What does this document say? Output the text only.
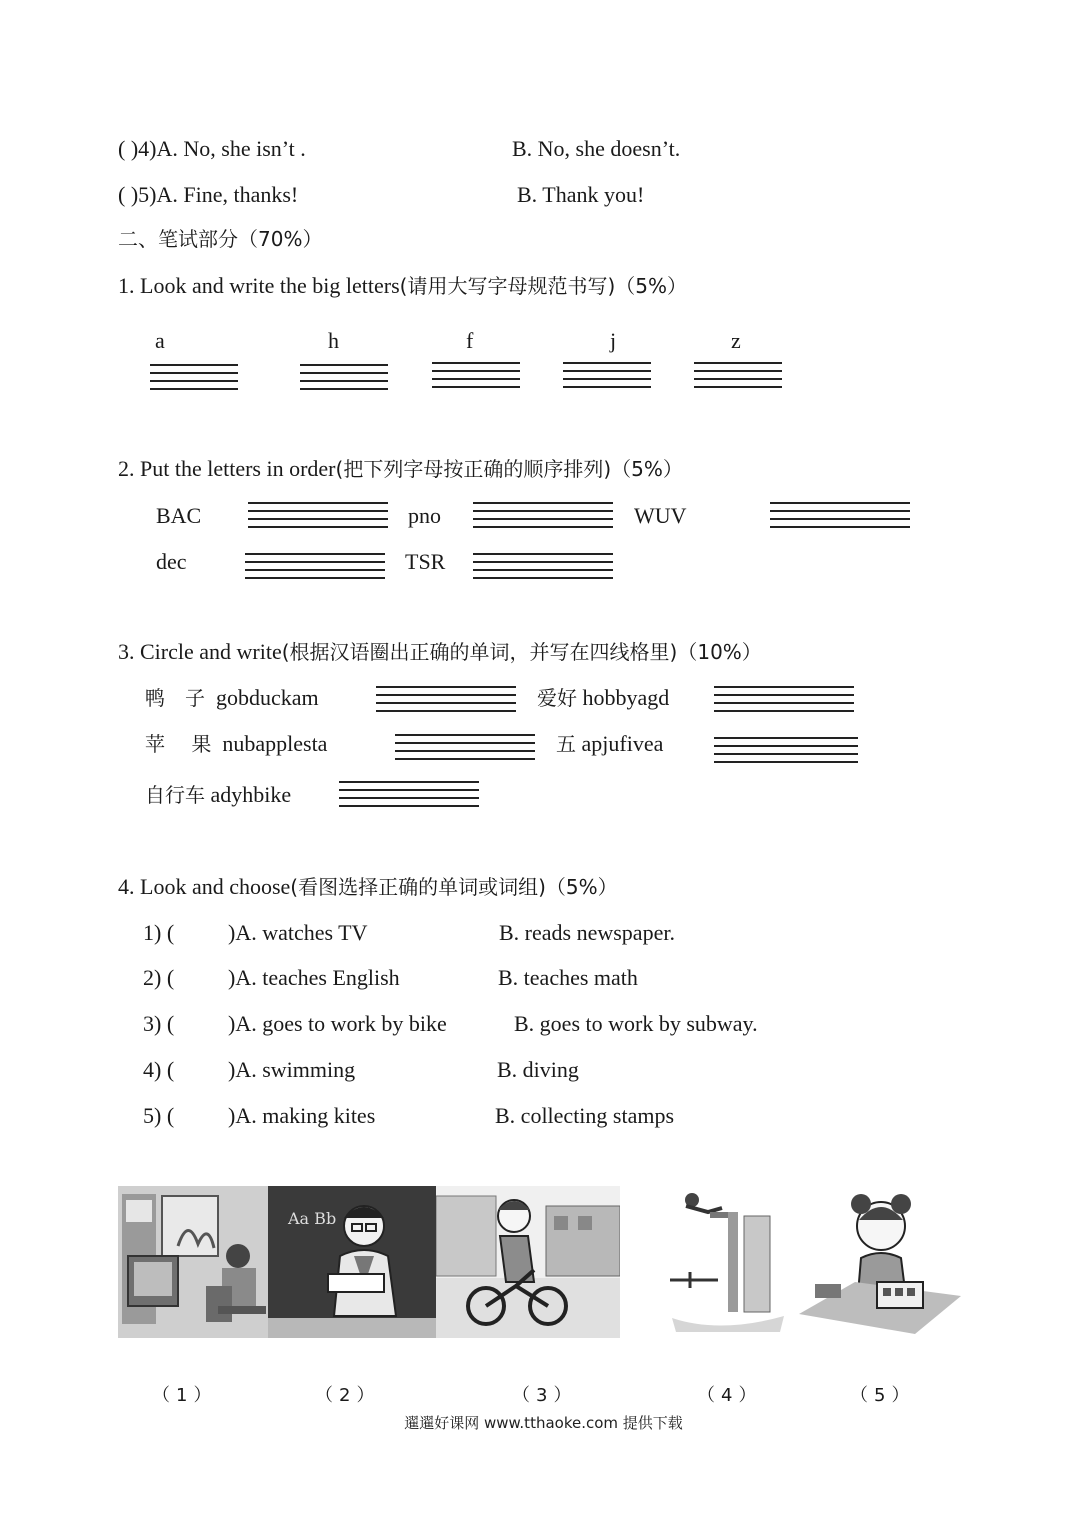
( )4)A. No, she isn’t .	B. No, she doesn’t.
( )5)A. Fine, thanks!	B. Thank you!
二、笔试部分（70%）
1. Look and write the big letters(请用大写字母规范书写)（5%）
a	h	f	j	z
2. Put the letters in order(把下列字母按正确的顺序排列)（5%）
BAC	pno	WUV
dec	TSR
3. Circle and write(根据汉语圈出正确的单词，并写在四线格里)（10%）
鸭　子 gobduckam	爱好 hobbyagd
苹　 果 nubapplesta	五 apjufivea
自行车 adyhbike
4. Look and choose(看图选择正确的单词或词组)（5%）
1) ( )A. watches TV	B. reads newspaper.
2) ( )A. teaches English	B. teaches math
3) ( )A. goes to work by bike	B. goes to work by subway.
4) ( )A. swimming	B. diving
5) ( )A. making kites	B. collecting stamps
Aa Bb
（1）	（2）	（3）	（4）	（5）
䢰䢰好课网 www.tthaoke.com 提供下载
